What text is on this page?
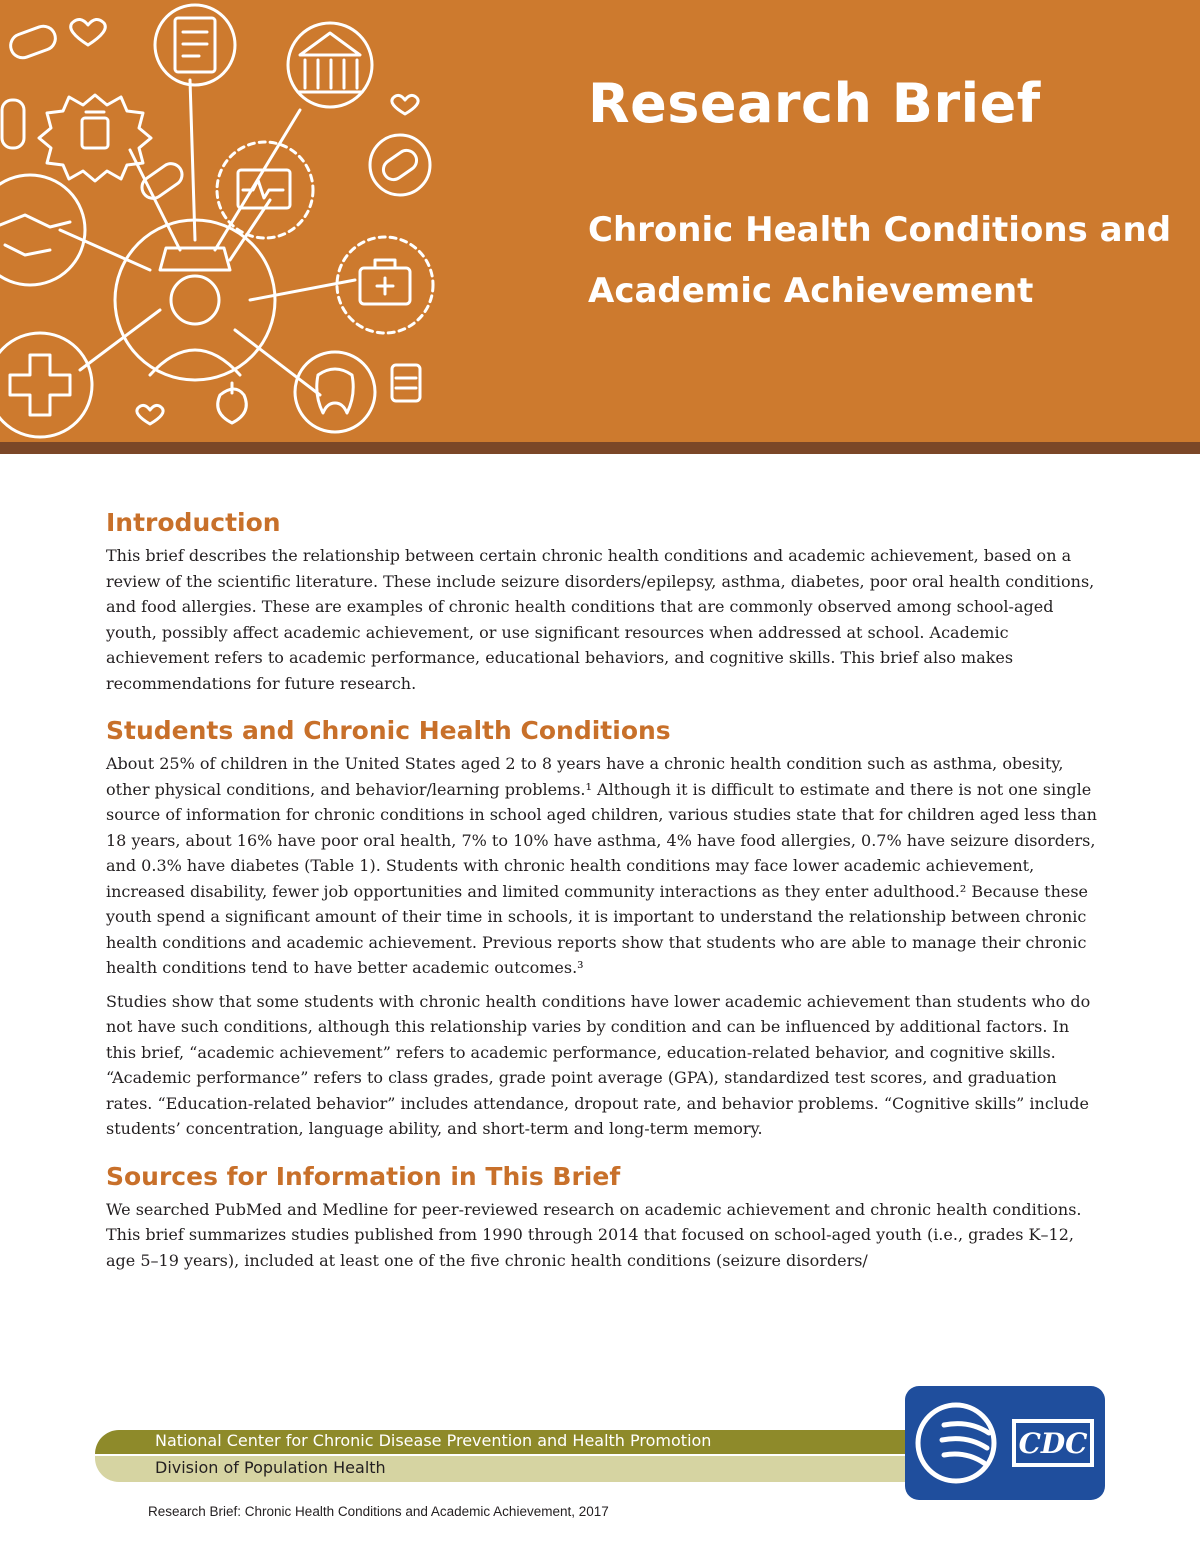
Research Brief
Chronic Health Conditions and Academic Achievement
Introduction

This brief describes the relationship between certain chronic health conditions and academic achievement, based on a review of the scientific literature. These include seizure disorders/epilepsy, asthma, diabetes, poor oral health conditions, and food allergies. These are examples of chronic health conditions that are commonly observed among school-aged youth, possibly affect academic achievement, or use significant resources when addressed at school. Academic achievement refers to academic performance, educational behaviors, and cognitive skills. This brief also makes recommendations for future research.

Students and Chronic Health Conditions

About 25% of children in the United States aged 2 to 8 years have a chronic health condition such as asthma, obesity, other physical conditions, and behavior/learning problems.¹ Although it is difficult to estimate and there is not one single source of information for chronic conditions in school aged children, various studies state that for children aged less than 18 years, about 16% have poor oral health, 7% to 10% have asthma, 4% have food allergies, 0.7% have seizure disorders, and 0.3% have diabetes (Table 1). Students with chronic health conditions may face lower academic achievement, increased disability, fewer job opportunities and limited community interactions as they enter adulthood.² Because these youth spend a significant amount of their time in schools, it is important to understand the relationship between chronic health conditions and academic achievement. Previous reports show that students who are able to manage their chronic health conditions tend to have better academic outcomes.³

Studies show that some students with chronic health conditions have lower academic achievement than students who do not have such conditions, although this relationship varies by condition and can be influenced by additional factors. In this brief, “academic achievement” refers to academic performance, education-related behavior, and cognitive skills. “Academic performance” refers to class grades, grade point average (GPA), standardized test scores, and graduation rates. “Education-related behavior” includes attendance, dropout rate, and behavior problems. “Cognitive skills” include students’ concentration, language ability, and short-term and long-term memory.

Sources for Information in This Brief

We searched PubMed and Medline for peer-reviewed research on academic achievement and chronic health conditions. This brief summarizes studies published from 1990 through 2014 that focused on school-aged youth (i.e., grades K–12, age 5–19 years), included at least one of the five chronic health conditions (seizure disorders/

National Center for Chronic Disease Prevention and Health Promotion
Division of Population Health
CDC
Research Brief: Chronic Health Conditions and Academic Achievement, 2017
